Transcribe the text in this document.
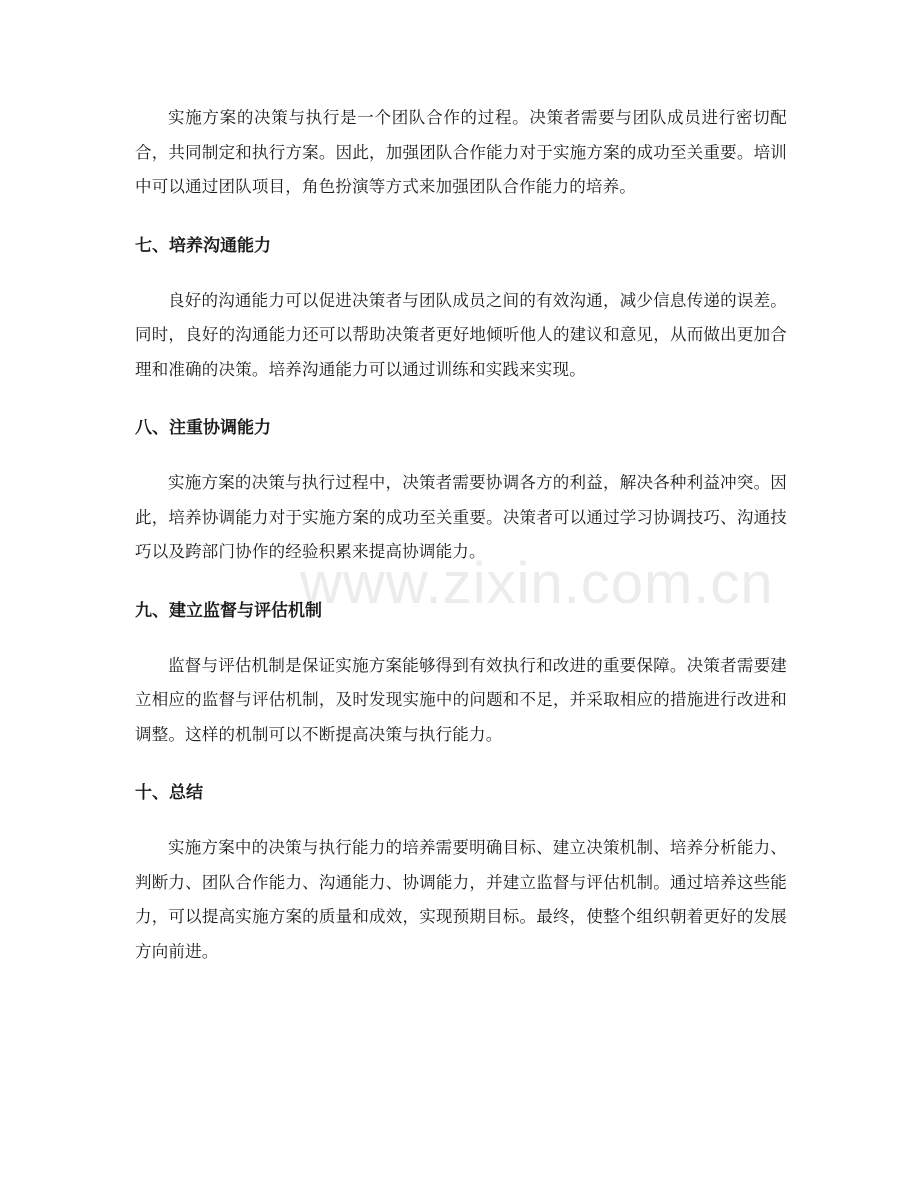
www.zixin.com.cn

实施方案的决策与执行是一个团队合作的过程。决策者需要与团队成员进行密切配合，共同制定和执行方案。因此，加强团队合作能力对于实施方案的成功至关重要。培训中可以通过团队项目，角色扮演等方式来加强团队合作能力的培养。

七、培养沟通能力

良好的沟通能力可以促进决策者与团队成员之间的有效沟通，减少信息传递的误差。同时，良好的沟通能力还可以帮助决策者更好地倾听他人的建议和意见，从而做出更加合理和准确的决策。培养沟通能力可以通过训练和实践来实现。

八、注重协调能力

实施方案的决策与执行过程中，决策者需要协调各方的利益，解决各种利益冲突。因此，培养协调能力对于实施方案的成功至关重要。决策者可以通过学习协调技巧、沟通技巧以及跨部门协作的经验积累来提高协调能力。

九、建立监督与评估机制

监督与评估机制是保证实施方案能够得到有效执行和改进的重要保障。决策者需要建立相应的监督与评估机制，及时发现实施中的问题和不足，并采取相应的措施进行改进和调整。这样的机制可以不断提高决策与执行能力。

十、总结

实施方案中的决策与执行能力的培养需要明确目标、建立决策机制、培养分析能力、判断力、团队合作能力、沟通能力、协调能力，并建立监督与评估机制。通过培养这些能力，可以提高实施方案的质量和成效，实现预期目标。最终，使整个组织朝着更好的发展方向前进。
